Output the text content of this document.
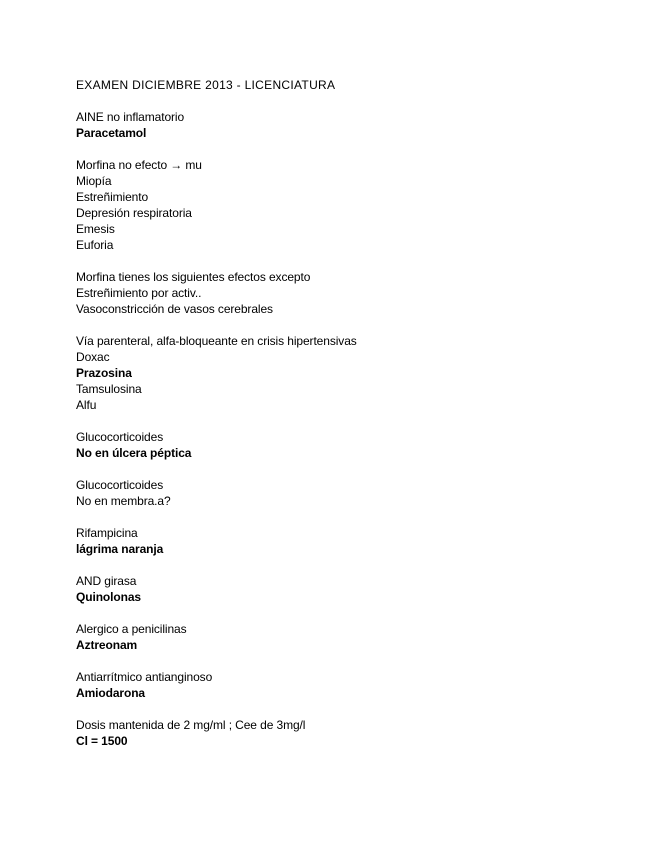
EXAMEN DICIEMBRE 2013 - LICENCIATURA
AINE no inflamatorio
Paracetamol
Morfina no efecto → mu
Miopía
Estreñimiento
Depresión respiratoria
Emesis
Euforia
Morfina tienes los siguientes efectos excepto
Estreñimiento por activ..
Vasoconstricción de vasos cerebrales
Vía parenteral, alfa-bloqueante en crisis hipertensivas
Doxac
Prazosina
Tamsulosina
Alfu
Glucocorticoides
No en úlcera péptica
Glucocorticoides
No en membra.a?
Rifampicina
lágrima naranja
AND girasa
Quinolonas
Alergico a penicilinas
Aztreonam
Antiarrítmico antianginoso
Amiodarona
Dosis mantenida de 2 mg/ml ; Cee de 3mg/l
Cl = 1500
